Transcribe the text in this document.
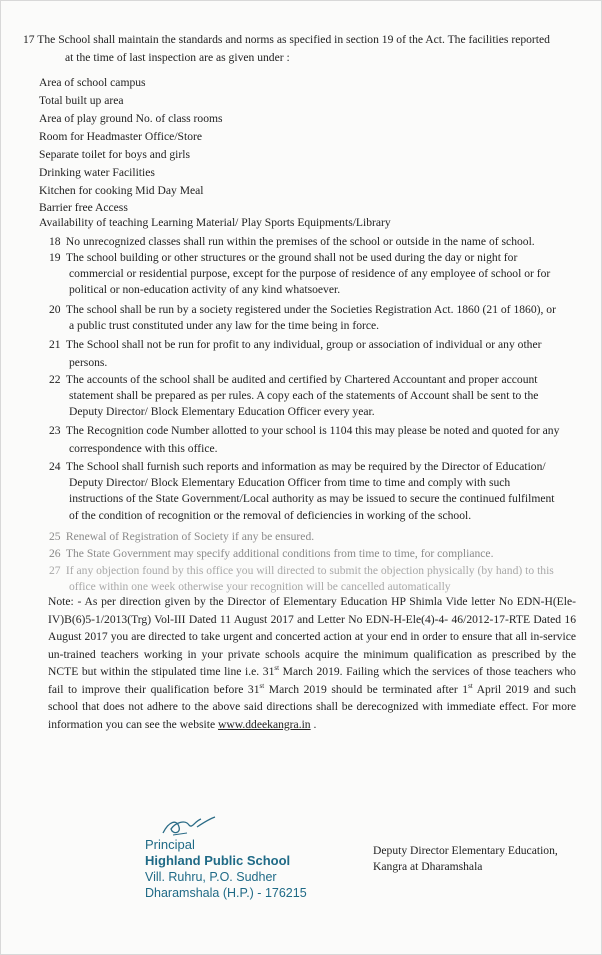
17 The School shall maintain the standards and norms as specified in section 19 of the Act. The facilities reported
at the time of last inspection are as given under :
Area of school campus
Total built up area
Area of play ground No. of class rooms
Room for Headmaster Office/Store
Separate toilet for boys and girls
Drinking water Facilities
Kitchen for cooking Mid Day Meal
Barrier free Access
Availability of teaching Learning Material/ Play Sports Equipments/Library
18 No unrecognized classes shall run within the premises of the school or outside in the name of school.
19 The school building or other structures or the ground shall not be used during the day or night for
commercial or residential purpose, except for the purpose of residence of any employee of school or for
political or non-education activity of any kind whatsoever.
20 The school shall be run by a society registered under the Societies Registration Act. 1860 (21 of 1860), or
a public trust constituted under any law for the time being in force.
21 The School shall not be run for profit to any individual, group or association of individual or any other
persons.
22 The accounts of the school shall be audited and certified by Chartered Accountant and proper account
statement shall be prepared as per rules. A copy each of the statements of Account shall be sent to the
Deputy Director/ Block Elementary Education Officer every year.
23 The Recognition code Number allotted to your school is 1104 this may please be noted and quoted for any
correspondence with this office.
24 The School shall furnish such reports and information as may be required by the Director of Education/
Deputy Director/ Block Elementary Education Officer from time to time and comply with such
instructions of the State Government/Local authority as may be issued to secure the continued fulfilment
of the condition of recognition or the removal of deficiencies in working of the school.
25 Renewal of Registration of Society if any be ensured.
26 The State Government may specify additional conditions from time to time, for compliance.
27 If any objection found by this office you will directed to submit the objection physically (by hand) to this
office within one week otherwise your recognition will be cancelled automatically
Note: - As per direction given by the Director of Elementary Education HP Shimla Vide letter No EDN-H(Ele-IV)B(6)5-1/2013(Trg) Vol-III Dated 11 August 2017 and Letter No EDN-H-Ele(4)-4- 46/2012-17-RTE Dated 16 August 2017 you are directed to take urgent and concerted action at your end in order to ensure that all in-service un-trained teachers working in your private schools acquire the minimum qualification as prescribed by the NCTE but within the stipulated time line i.e. 31st March 2019. Failing which the services of those teachers who fail to improve their qualification before 31st March 2019 should be terminated after 1st April 2019 and such school that does not adhere to the above said directions shall be derecognized with immediate effect. For more information you can see the website www.ddeekangra.in .
Principal
Highland Public School
Vill. Ruhru, P.O. Sudher
Dharamshala (H.P.) - 176215
Deputy Director Elementary Education,
Kangra at Dharamshala
